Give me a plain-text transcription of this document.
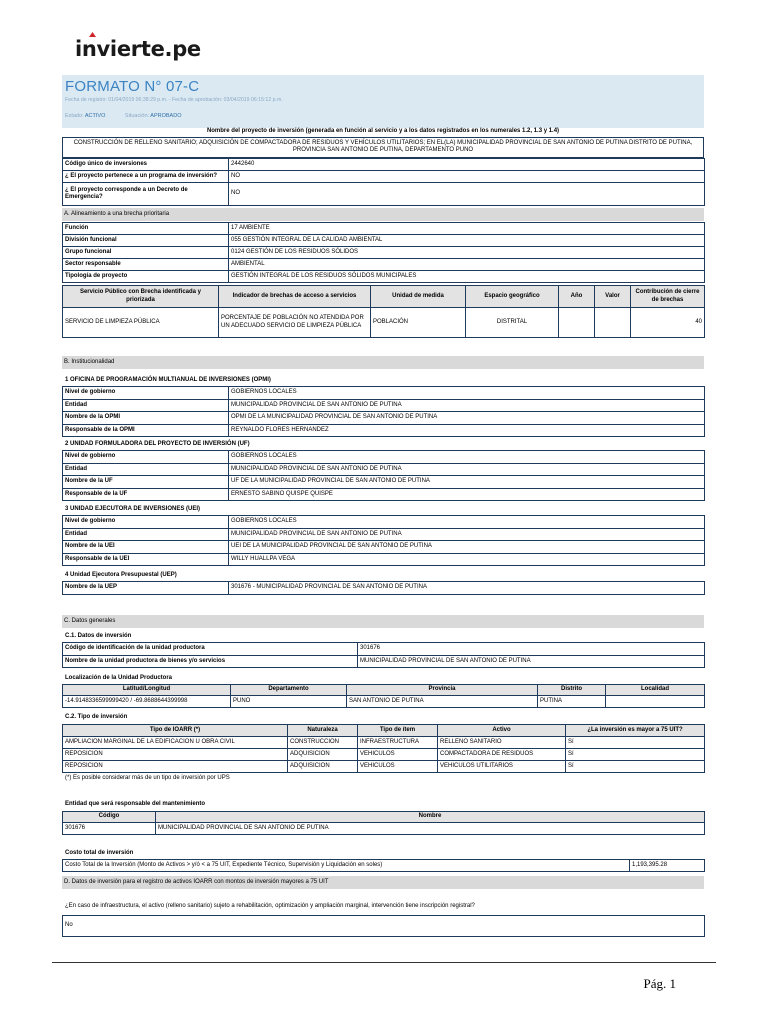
invierte.pe
FORMATO N° 07-C
Fecha de registro: 01/04/2019 06:38:29 p.m. - Fecha de aprobación: 03/04/2019 06:15:12 p.m.
Estado: ACTIVO	Situación: APROBADO
Nombre del proyecto de inversión (generada en función al servicio y a los datos registrados en los numerales 1.2, 1.3 y 1.4)
CONSTRUCCIÓN DE RELLENO SANITARIO; ADQUISICIÓN DE COMPACTADORA DE RESIDUOS Y VEHÍCULOS UTILITARIOS; EN EL(LA) MUNICIPALIDAD PROVINCIAL DE SAN ANTONIO DE PUTINA DISTRITO DE PUTINA, PROVINCIA SAN ANTONIO DE PUTINA, DEPARTAMENTO PUNO
Código único de inversiones	2442640
¿ El proyecto pertenece a un programa de inversión?	NO
¿ El proyecto corresponde a un Decreto de Emergencia?	NO
A. Alineamiento a una brecha prioritaria
Función	17 AMBIENTE
División funcional	055 GESTIÓN INTEGRAL DE LA CALIDAD AMBIENTAL
Grupo funcional	0124 GESTIÓN DE LOS RESIDUOS SÓLIDOS
Sector responsable	AMBIENTAL
Tipología de proyecto	GESTIÓN INTEGRAL DE LOS RESIDUOS SÓLIDOS MUNICIPALES
Servicio Público con Brecha identificada y priorizada	Indicador de brechas de acceso a servicios	Unidad de medida	Espacio geográfico	Año	Valor	Contribución de cierre de brechas
SERVICIO DE LIMPIEZA PÚBLICA	PORCENTAJE DE POBLACIÓN NO ATENDIDA POR UN ADECUADO SERVICIO DE LIMPIEZA PÚBLICA	POBLACIÓN	DISTRITAL			40
B. Institucionalidad
1 OFICINA DE PROGRAMACIÓN MULTIANUAL DE INVERSIONES (OPMI)
Nivel de gobierno	GOBIERNOS LOCALES
Entidad	MUNICIPALIDAD PROVINCIAL DE SAN ANTONIO DE PUTINA
Nombre de la OPMI	OPMI DE LA MUNICIPALIDAD PROVINCIAL DE SAN ANTONIO DE PUTINA
Responsable de la OPMI	REYNALDO FLORES HERNANDEZ
2 UNIDAD FORMULADORA DEL PROYECTO DE INVERSIÓN (UF)
Nivel de gobierno	GOBIERNOS LOCALES
Entidad	MUNICIPALIDAD PROVINCIAL DE SAN ANTONIO DE PUTINA
Nombre de la UF	UF DE LA MUNICIPALIDAD PROVINCIAL DE SAN ANTONIO DE PUTINA
Responsable de la UF	ERNESTO SABINO QUISPE QUISPE
3 UNIDAD EJECUTORA DE INVERSIONES (UEI)
Nivel de gobierno	GOBIERNOS LOCALES
Entidad	MUNICIPALIDAD PROVINCIAL DE SAN ANTONIO DE PUTINA
Nombre de la UEI	UEI DE LA MUNICIPALIDAD PROVINCIAL DE SAN ANTONIO DE PUTINA
Responsable de la UEI	WILLY HUALLPA VEGA
4 Unidad Ejecutora Presupuestal (UEP)
Nombre de la UEP	301676 - MUNICIPALIDAD PROVINCIAL DE SAN ANTONIO DE PUTINA
C. Datos generales
C.1. Datos de inversión
Código de identificación de la unidad productora	301676
Nombre de la unidad productora de bienes y/o servicios	MUNICIPALIDAD PROVINCIAL DE SAN ANTONIO DE PUTINA
Localización de la Unidad Productora
Latitud/Longitud	Departamento	Provincia	Distrito	Localidad
-14.9148336599999420 / -69.8688644399998	PUNO	SAN ANTONIO DE PUTINA	PUTINA	
C.2. Tipo de inversión
Tipo de IOARR (*)	Naturaleza	Tipo de ítem	Activo	¿La inversión es mayor a 75 UIT?
AMPLIACION MARGINAL DE LA EDIFICACION U OBRA CIVIL	CONSTRUCCION	INFRAESTRUCTURA	RELLENO SANITARIO	Sí
REPOSICION	ADQUISICION	VEHICULOS	COMPACTADORA DE RESIDUOS	Sí
REPOSICION	ADQUISICION	VEHICULOS	VEHICULOS UTILITARIOS	Sí
(*) Es posible considerar más de un tipo de inversión por UPS
Entidad que será responsable del mantenimiento
Código	Nombre
301676	MUNICIPALIDAD PROVINCIAL DE SAN ANTONIO DE PUTINA
Costo total de inversión
Costo Total de la Inversión (Monto de Activos > y/ó < a 75 UIT, Expediente Técnico, Supervisión y Liquidación en soles)	1,193,395.28
D. Datos de inversión para el registro de activos IOARR con montos de inversión mayores a 75 UIT
¿En caso de infraestructura, el activo (relleno sanitario) sujeto a rehabilitación, optimización y ampliación marginal, intervención tiene inscripción registral?
No
Pág. 1
